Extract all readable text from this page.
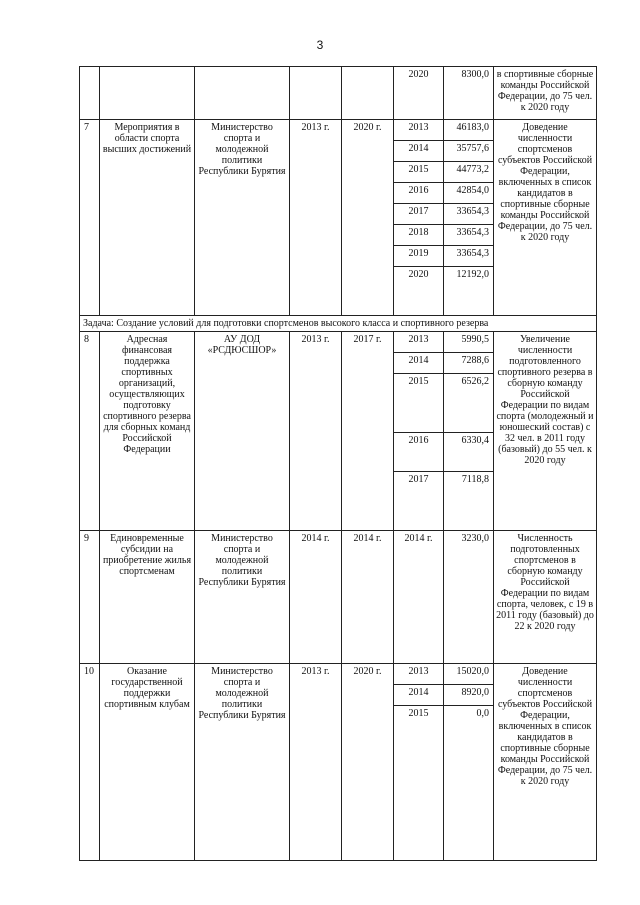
3
					2020	8300,0	в спортивные сборные команды Российской Федерации, до 75 чел. к 2020 году
7	Мероприятия в области спорта высших достижений	Министерство спорта и молодежной политики Республики Бурятия	2013 г.	2020 г.	2013	46183,0	Доведение численности спортсменов субъектов Российской Федерации, включенных в список кандидатов в спортивные сборные команды Российской Федерации, до 75 чел. к 2020 году
					2014	35757,6	
					2015	44773,2	
					2016	42854,0	
					2017	33654,3	
					2018	33654,3	
					2019	33654,3	
					2020	12192,0	
Задача: Создание условий для подготовки спортсменов высокого класса и спортивного резерва							
8	Адресная финансовая поддержка спортивных организаций, осуществляющих подготовку спортивного резерва для сборных команд Российской Федерации	АУ ДОД «РСДЮСШОР»	2013 г.	2017 г.	2013	5990,5	Увеличение численности подготовленного спортивного резерва в сборную команду Российской Федерации по видам спорта (молодежный и юношеский состав) с 32 чел. в 2011 году (базовый) до 55 чел. к 2020 году
					2014	7288,6	
					2015	6526,2	
					2016	6330,4	
					2017	7118,8	
9	Единовременные субсидии на приобретение жилья спортсменам	Министерство спорта и молодежной политики Республики Бурятия	2014 г.	2014 г.	2014 г.	3230,0	Численность подготовленных спортсменов в сборную команду Российской Федерации по видам спорта, человек, с 19 в 2011 году (базовый) до 22 к 2020 году
10	Оказание государственной поддержки спортивным клубам	Министерство спорта и молодежной политики Республики Бурятия	2013 г.	2020 г.	2013	15020,0	Доведение численности спортсменов субъектов Российской Федерации, включенных в список кандидатов в спортивные сборные команды Российской Федерации, до 75 чел. к 2020 году
					2014	8920,0	
					2015	0,0	
